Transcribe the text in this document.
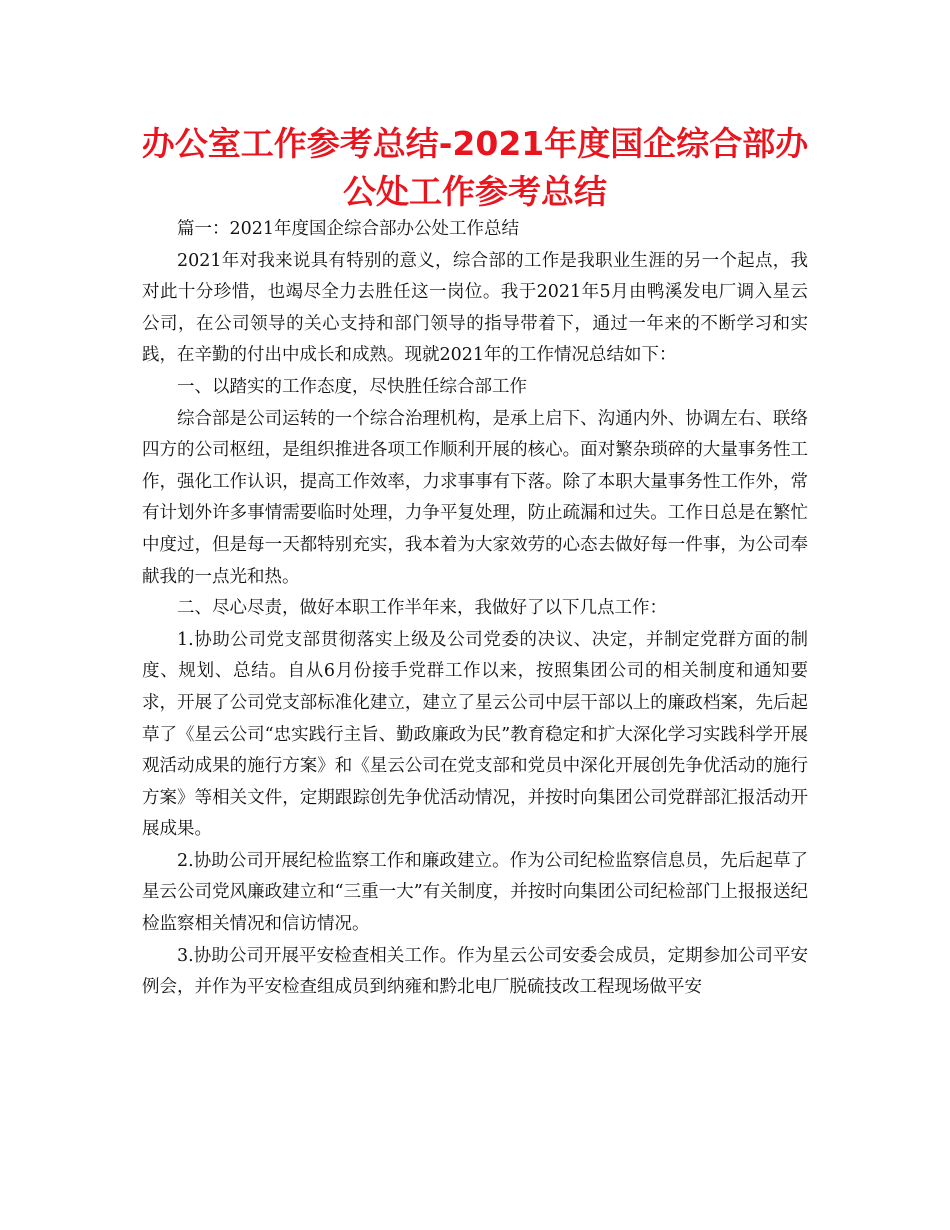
办公室工作参考总结-2021年度国企综合部办公处工作参考总结

篇一：2021年度国企综合部办公处工作总结

2021年对我来说具有特别的意义，综合部的工作是我职业生涯的另一个起点，我对此十分珍惜，也竭尽全力去胜任这一岗位。我于2021年5月由鸭溪发电厂调入星云公司，在公司领导的关心支持和部门领导的指导带着下，通过一年来的不断学习和实践，在辛勤的付出中成长和成熟。现就2021年的工作情况总结如下：

一、以踏实的工作态度，尽快胜任综合部工作

综合部是公司运转的一个综合治理机构，是承上启下、沟通内外、协调左右、联络四方的公司枢纽，是组织推进各项工作顺利开展的核心。面对繁杂琐碎的大量事务性工作，强化工作认识，提高工作效率，力求事事有下落。除了本职大量事务性工作外，常有计划外许多事情需要临时处理，力争平复处理，防止疏漏和过失。工作日总是在繁忙中度过，但是每一天都特别充实，我本着为大家效劳的心态去做好每一件事，为公司奉献我的一点光和热。

二、尽心尽责，做好本职工作半年来，我做好了以下几点工作：

1.协助公司党支部贯彻落实上级及公司党委的决议、决定，并制定党群方面的制度、规划、总结。自从6月份接手党群工作以来，按照集团公司的相关制度和通知要求，开展了公司党支部标准化建立，建立了星云公司中层干部以上的廉政档案，先后起草了《星云公司“忠实践行主旨、勤政廉政为民”教育稳定和扩大深化学习实践科学开展观活动成果的施行方案》和《星云公司在党支部和党员中深化开展创先争优活动的施行方案》等相关文件，定期跟踪创先争优活动情况，并按时向集团公司党群部汇报活动开展成果。

2.协助公司开展纪检监察工作和廉政建立。作为公司纪检监察信息员，先后起草了星云公司党风廉政建立和“三重一大”有关制度，并按时向集团公司纪检部门上报报送纪检监察相关情况和信访情况。

3.协助公司开展平安检查相关工作。作为星云公司安委会成员，定期参加公司平安例会，并作为平安检查组成员到纳雍和黔北电厂脱硫技改工程现场做平安
